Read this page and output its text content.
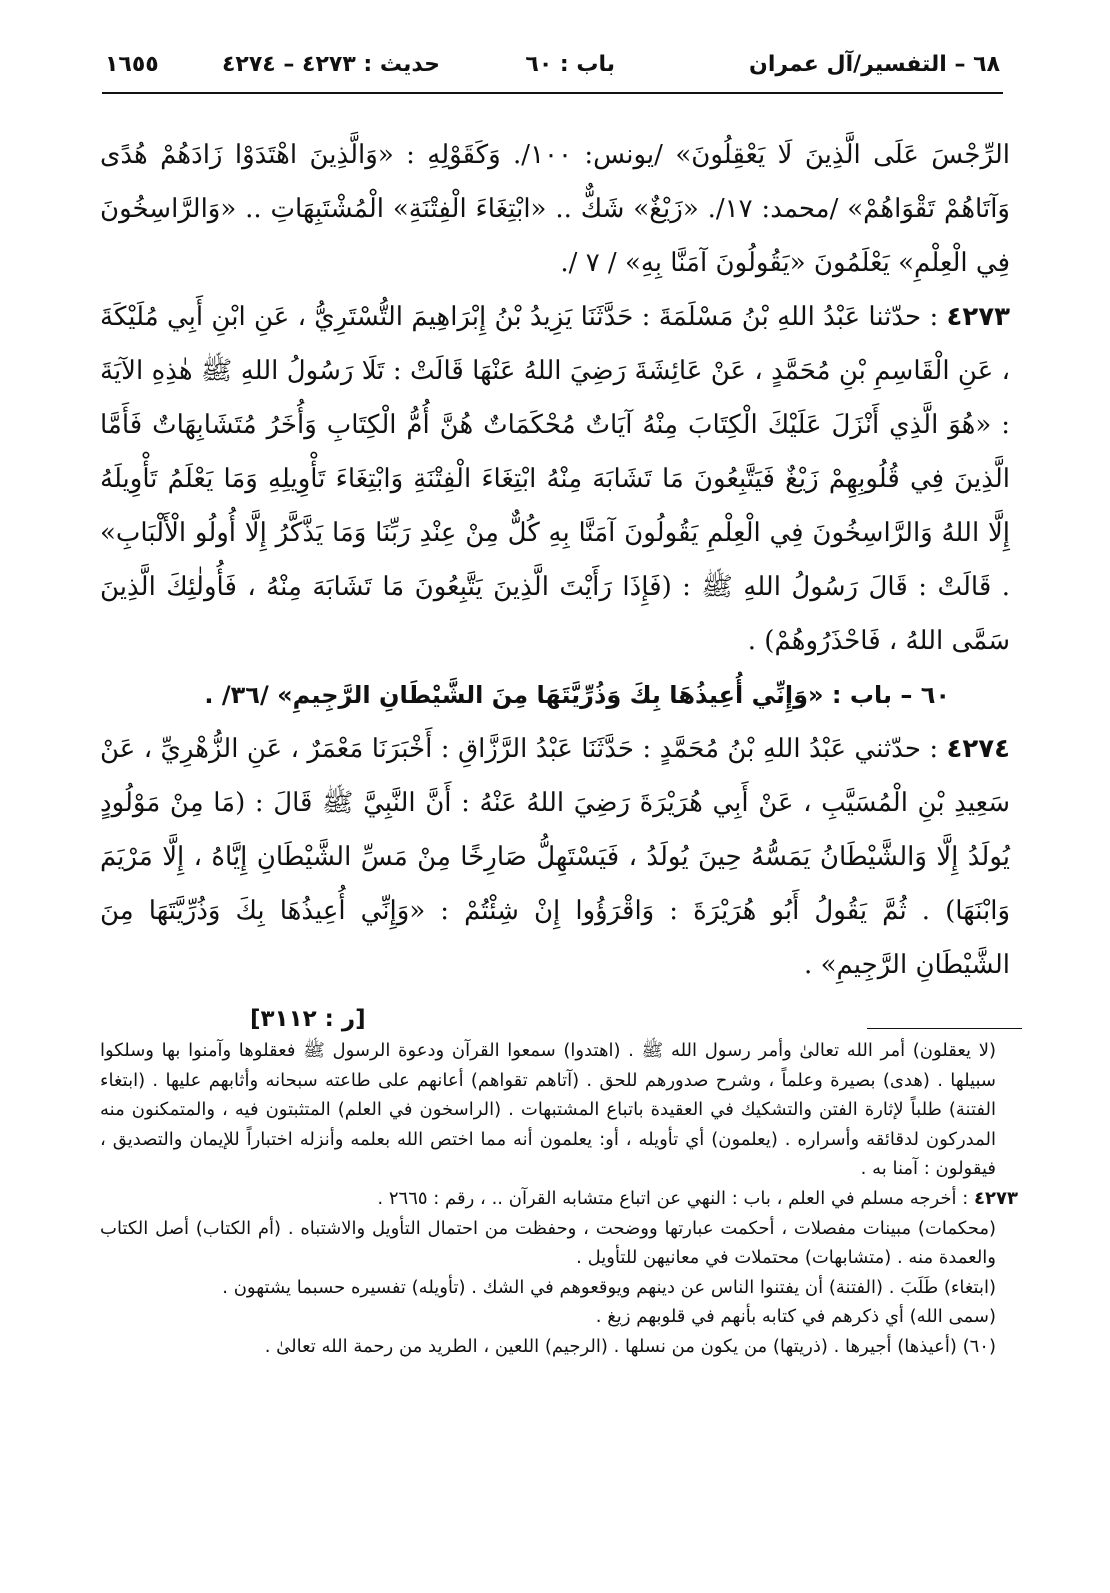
٦٨ – التفسير/آل عمران
باب : ٦٠
حديث : ٤٢٧٣ – ٤٢٧٤
١٦٥٥

الرِّجْسَ عَلَى الَّذِينَ لَا يَعْقِلُونَ» /يونس: ١٠٠/. وَكَقَوْلِهِ : «وَالَّذِينَ اهْتَدَوْا زَادَهُمْ هُدًى وَآتَاهُمْ تَقْوَاهُمْ» /محمد: ١٧/. «زَيْغٌ» شَكٌّ .. «ابْتِغَاءَ الْفِتْنَةِ» الْمُشْتَبِهَاتِ .. «وَالرَّاسِخُونَ فِي الْعِلْمِ» يَعْلَمُونَ «يَقُولُونَ آمَنَّا بِهِ» / ٧ /.

٤٢٧٣ : حدّثنا عَبْدُ اللهِ بْنُ مَسْلَمَةَ : حَدَّثَنَا يَزِيدُ بْنُ إِبْرَاهِيمَ التُّسْتَرِيُّ ، عَنِ ابْنِ أَبِي مُلَيْكَةَ ، عَنِ الْقَاسِمِ بْنِ مُحَمَّدٍ ، عَنْ عَائِشَةَ رَضِيَ اللهُ عَنْهَا قَالَتْ : تَلَا رَسُولُ اللهِ ﷺ هٰذِهِ الآيَةَ : «هُوَ الَّذِي أَنْزَلَ عَلَيْكَ الْكِتَابَ مِنْهُ آيَاتٌ مُحْكَمَاتٌ هُنَّ أُمُّ الْكِتَابِ وَأُخَرُ مُتَشَابِهَاتٌ فَأَمَّا الَّذِينَ فِي قُلُوبِهِمْ زَيْغٌ فَيَتَّبِعُونَ مَا تَشَابَهَ مِنْهُ ابْتِغَاءَ الْفِتْنَةِ وَابْتِغَاءَ تَأْوِيلِهِ وَمَا يَعْلَمُ تَأْوِيلَهُ إِلَّا اللهُ وَالرَّاسِخُونَ فِي الْعِلْمِ يَقُولُونَ آمَنَّا بِهِ كُلٌّ مِنْ عِنْدِ رَبِّنَا وَمَا يَذَّكَّرُ إِلَّا أُولُو الْأَلْبَابِ» . قَالَتْ : قَالَ رَسُولُ اللهِ ﷺ : (فَإِذَا رَأَيْتَ الَّذِينَ يَتَّبِعُونَ مَا تَشَابَهَ مِنْهُ ، فَأُولٰئِكَ الَّذِينَ سَمَّى اللهُ ، فَاحْذَرُوهُمْ) .

٦٠ – باب : «وَإِنِّي أُعِيذُهَا بِكَ وَذُرِّيَّتَهَا مِنَ الشَّيْطَانِ الرَّجِيمِ» /٣٦/ .

٤٢٧٤ : حدّثني عَبْدُ اللهِ بْنُ مُحَمَّدٍ : حَدَّثَنَا عَبْدُ الرَّزَّاقِ : أَخْبَرَنَا مَعْمَرٌ ، عَنِ الزُّهْرِيِّ ، عَنْ سَعِيدِ بْنِ الْمُسَيَّبِ ، عَنْ أَبِي هُرَيْرَةَ رَضِيَ اللهُ عَنْهُ : أَنَّ النَّبِيَّ ﷺ قَالَ : (مَا مِنْ مَوْلُودٍ يُولَدُ إِلَّا وَالشَّيْطَانُ يَمَسُّهُ حِينَ يُولَدُ ، فَيَسْتَهِلُّ صَارِخًا مِنْ مَسِّ الشَّيْطَانِ إِيَّاهُ ، إِلَّا مَرْيَمَ وَابْنَهَا) . ثُمَّ يَقُولُ أَبُو هُرَيْرَةَ : وَاقْرَؤُوا إِنْ شِئْتُمْ : «وَإِنِّي أُعِيذُهَا بِكَ وَذُرِّيَّتَهَا مِنَ الشَّيْطَانِ الرَّجِيمِ» .

[ر : ٣١١٢]

(لا يعقلون) أمر الله تعالىٰ وأمر رسول الله ﷺ . (اهتدوا) سمعوا القرآن ودعوة الرسول ﷺ فعقلوها وآمنوا بها وسلكوا سبيلها . (هدى) بصيرة وعلماً ، وشرح صدورهم للحق . (آتاهم تقواهم) أعانهم على طاعته سبحانه وأثابهم عليها . (ابتغاء الفتنة) طلباً لإثارة الفتن والتشكيك في العقيدة باتباع المشتبهات . (الراسخون في العلم) المتثبتون فيه ، والمتمكنون منه المدركون لدقائقه وأسراره . (يعلمون) أي تأويله ، أو: يعلمون أنه مما اختص الله بعلمه وأنزله اختباراً للإيمان والتصديق ، فيقولون : آمنا به .

٤٢٧٣ : أخرجه مسلم في العلم ، باب : النهي عن اتباع متشابه القرآن .. ، رقم : ٢٦٦٥ .

(محكمات) مبينات مفصلات ، أحكمت عبارتها ووضحت ، وحفظت من احتمال التأويل والاشتباه . (أم الكتاب) أصل الكتاب والعمدة منه . (متشابهات) محتملات في معانيهن للتأويل .

(ابتغاء) طَلَبَ . (الفتنة) أن يفتنوا الناس عن دينهم ويوقعوهم في الشك . (تأويله) تفسيره حسبما يشتهون .

(سمى الله) أي ذكرهم في كتابه بأنهم في قلوبهم زيغ .

(٦٠) (أعيذها) أجيرها . (ذريتها) من يكون من نسلها . (الرجيم) اللعين ، الطريد من رحمة الله تعالىٰ .
